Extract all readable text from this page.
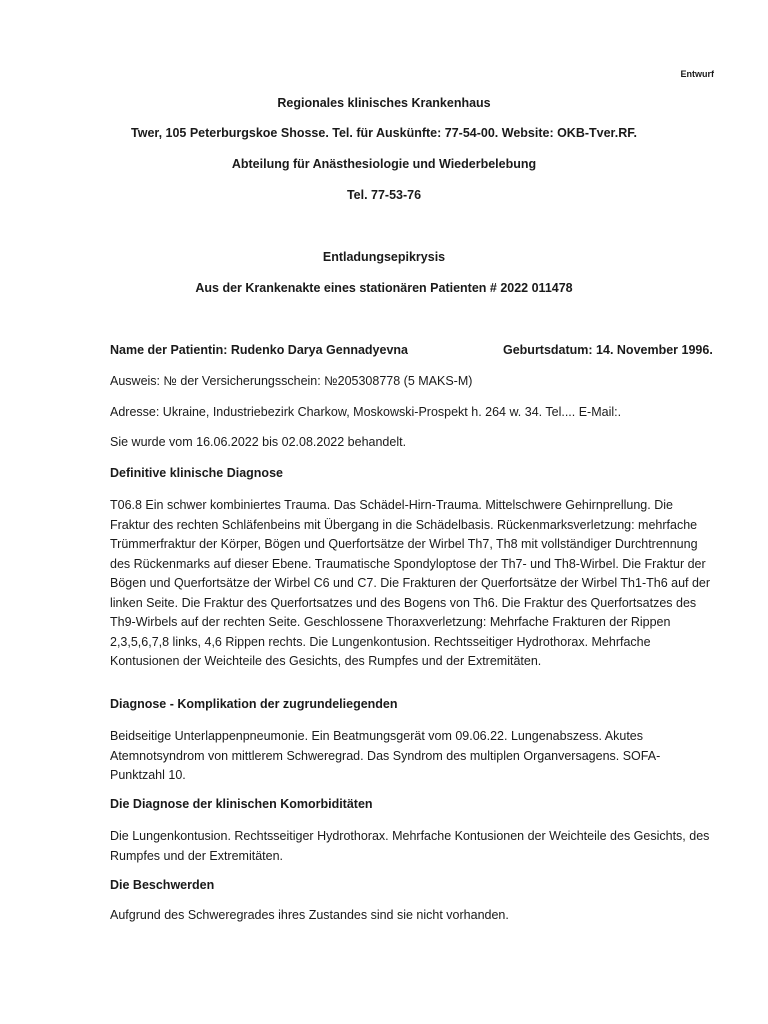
Entwurf
Regionales klinisches Krankenhaus
Twer, 105 Peterburgskoe Shosse. Tel. für Auskünfte: 77-54-00. Website: OKB-Tver.RF.
Abteilung für Anästhesiologie und Wiederbelebung
Tel. 77-53-76
Entladungsepikrysis
Aus der Krankenakte eines stationären Patienten # 2022 011478
Name der Patientin: Rudenko Darya Gennadyevna	Geburtsdatum: 14. November 1996.
Ausweis: № der Versicherungsschein: №205308778 (5 MAKS-M)
Adresse: Ukraine, Industriebezirk Charkow, Moskowski-Prospekt h. 264 w. 34. Tel.... E-Mail:.
Sie wurde vom 16.06.2022 bis 02.08.2022 behandelt.
Definitive klinische Diagnose
T06.8 Ein schwer kombiniertes Trauma. Das Schädel-Hirn-Trauma. Mittelschwere Gehirnprellung. Die Fraktur des rechten Schläfenbeins mit Übergang in die Schädelbasis. Rückenmarksverletzung: mehrfache Trümmerfraktur der Körper, Bögen und Querfortsätze der Wirbel Th7, Th8 mit vollständiger Durchtrennung des Rückenmarks auf dieser Ebene. Traumatische Spondyloptose der Th7- und Th8-Wirbel. Die Fraktur der Bögen und Querfortsätze der Wirbel C6 und C7. Die Frakturen der Querfortsätze der Wirbel Th1-Th6 auf der linken Seite. Die Fraktur des Querfortsatzes und des Bogens von Th6. Die Fraktur des Querfortsatzes des Th9-Wirbels auf der rechten Seite. Geschlossene Thoraxverletzung: Mehrfache Frakturen der Rippen 2,3,5,6,7,8 links, 4,6 Rippen rechts. Die Lungenkontusion. Rechtsseitiger Hydrothorax. Mehrfache Kontusionen der Weichteile des Gesichts, des Rumpfes und der Extremitäten.
Diagnose - Komplikation der zugrundeliegenden
Beidseitige Unterlappenpneumonie. Ein Beatmungsgerät vom 09.06.22. Lungenabszess. Akutes Atemnotsyndrom von mittlerem Schweregrad. Das Syndrom des multiplen Organversagens. SOFA-Punktzahl 10.
Die Diagnose der klinischen Komorbiditäten
Die Lungenkontusion. Rechtsseitiger Hydrothorax. Mehrfache Kontusionen der Weichteile des Gesichts, des Rumpfes und der Extremitäten.
Die Beschwerden
Aufgrund des Schweregrades ihres Zustandes sind sie nicht vorhanden.
